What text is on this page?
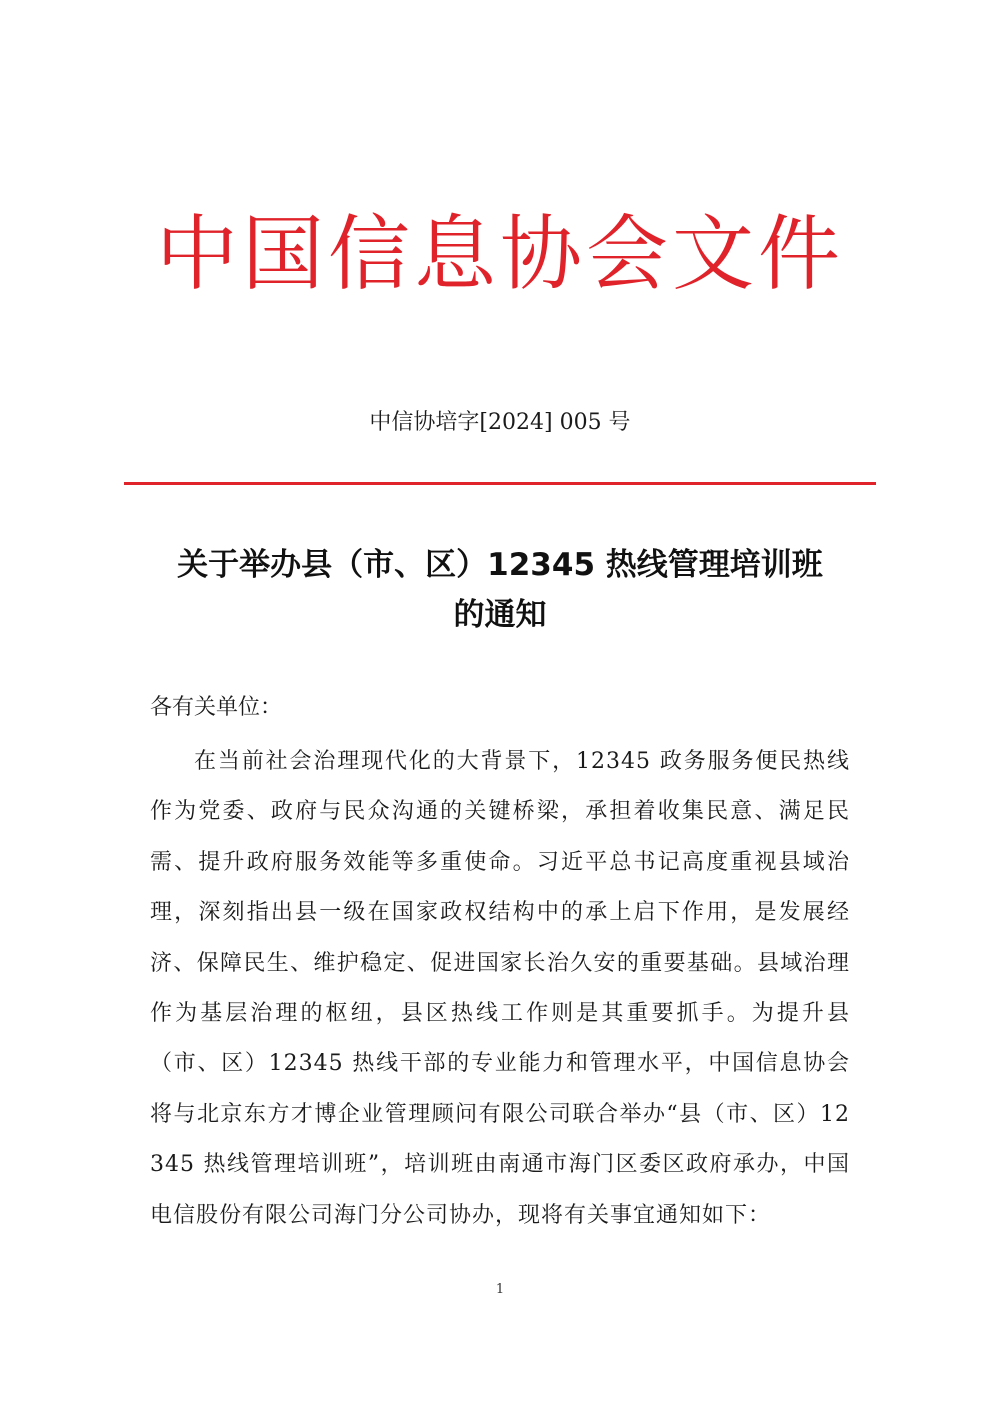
中国信息协会文件
中信协培字[2024] 005 号
关于举办县（市、区）12345 热线管理培训班
的通知
各有关单位：

在当前社会治理现代化的大背景下，12345 政务服务便民热线作为党委、政府与民众沟通的关键桥梁，承担着收集民意、满足民需、提升政府服务效能等多重使命。习近平总书记高度重视县域治理，深刻指出县一级在国家政权结构中的承上启下作用，是发展经济、保障民生、维护稳定、促进国家长治久安的重要基础。县域治理作为基层治理的枢纽，县区热线工作则是其重要抓手。为提升县（市、区）12345 热线干部的专业能力和管理水平，中国信息协会将与北京东方才博企业管理顾问有限公司联合举办“县（市、区）12345 热线管理培训班”，培训班由南通市海门区委区政府承办，中国电信股份有限公司海门分公司协办，现将有关事宜通知如下：

1
